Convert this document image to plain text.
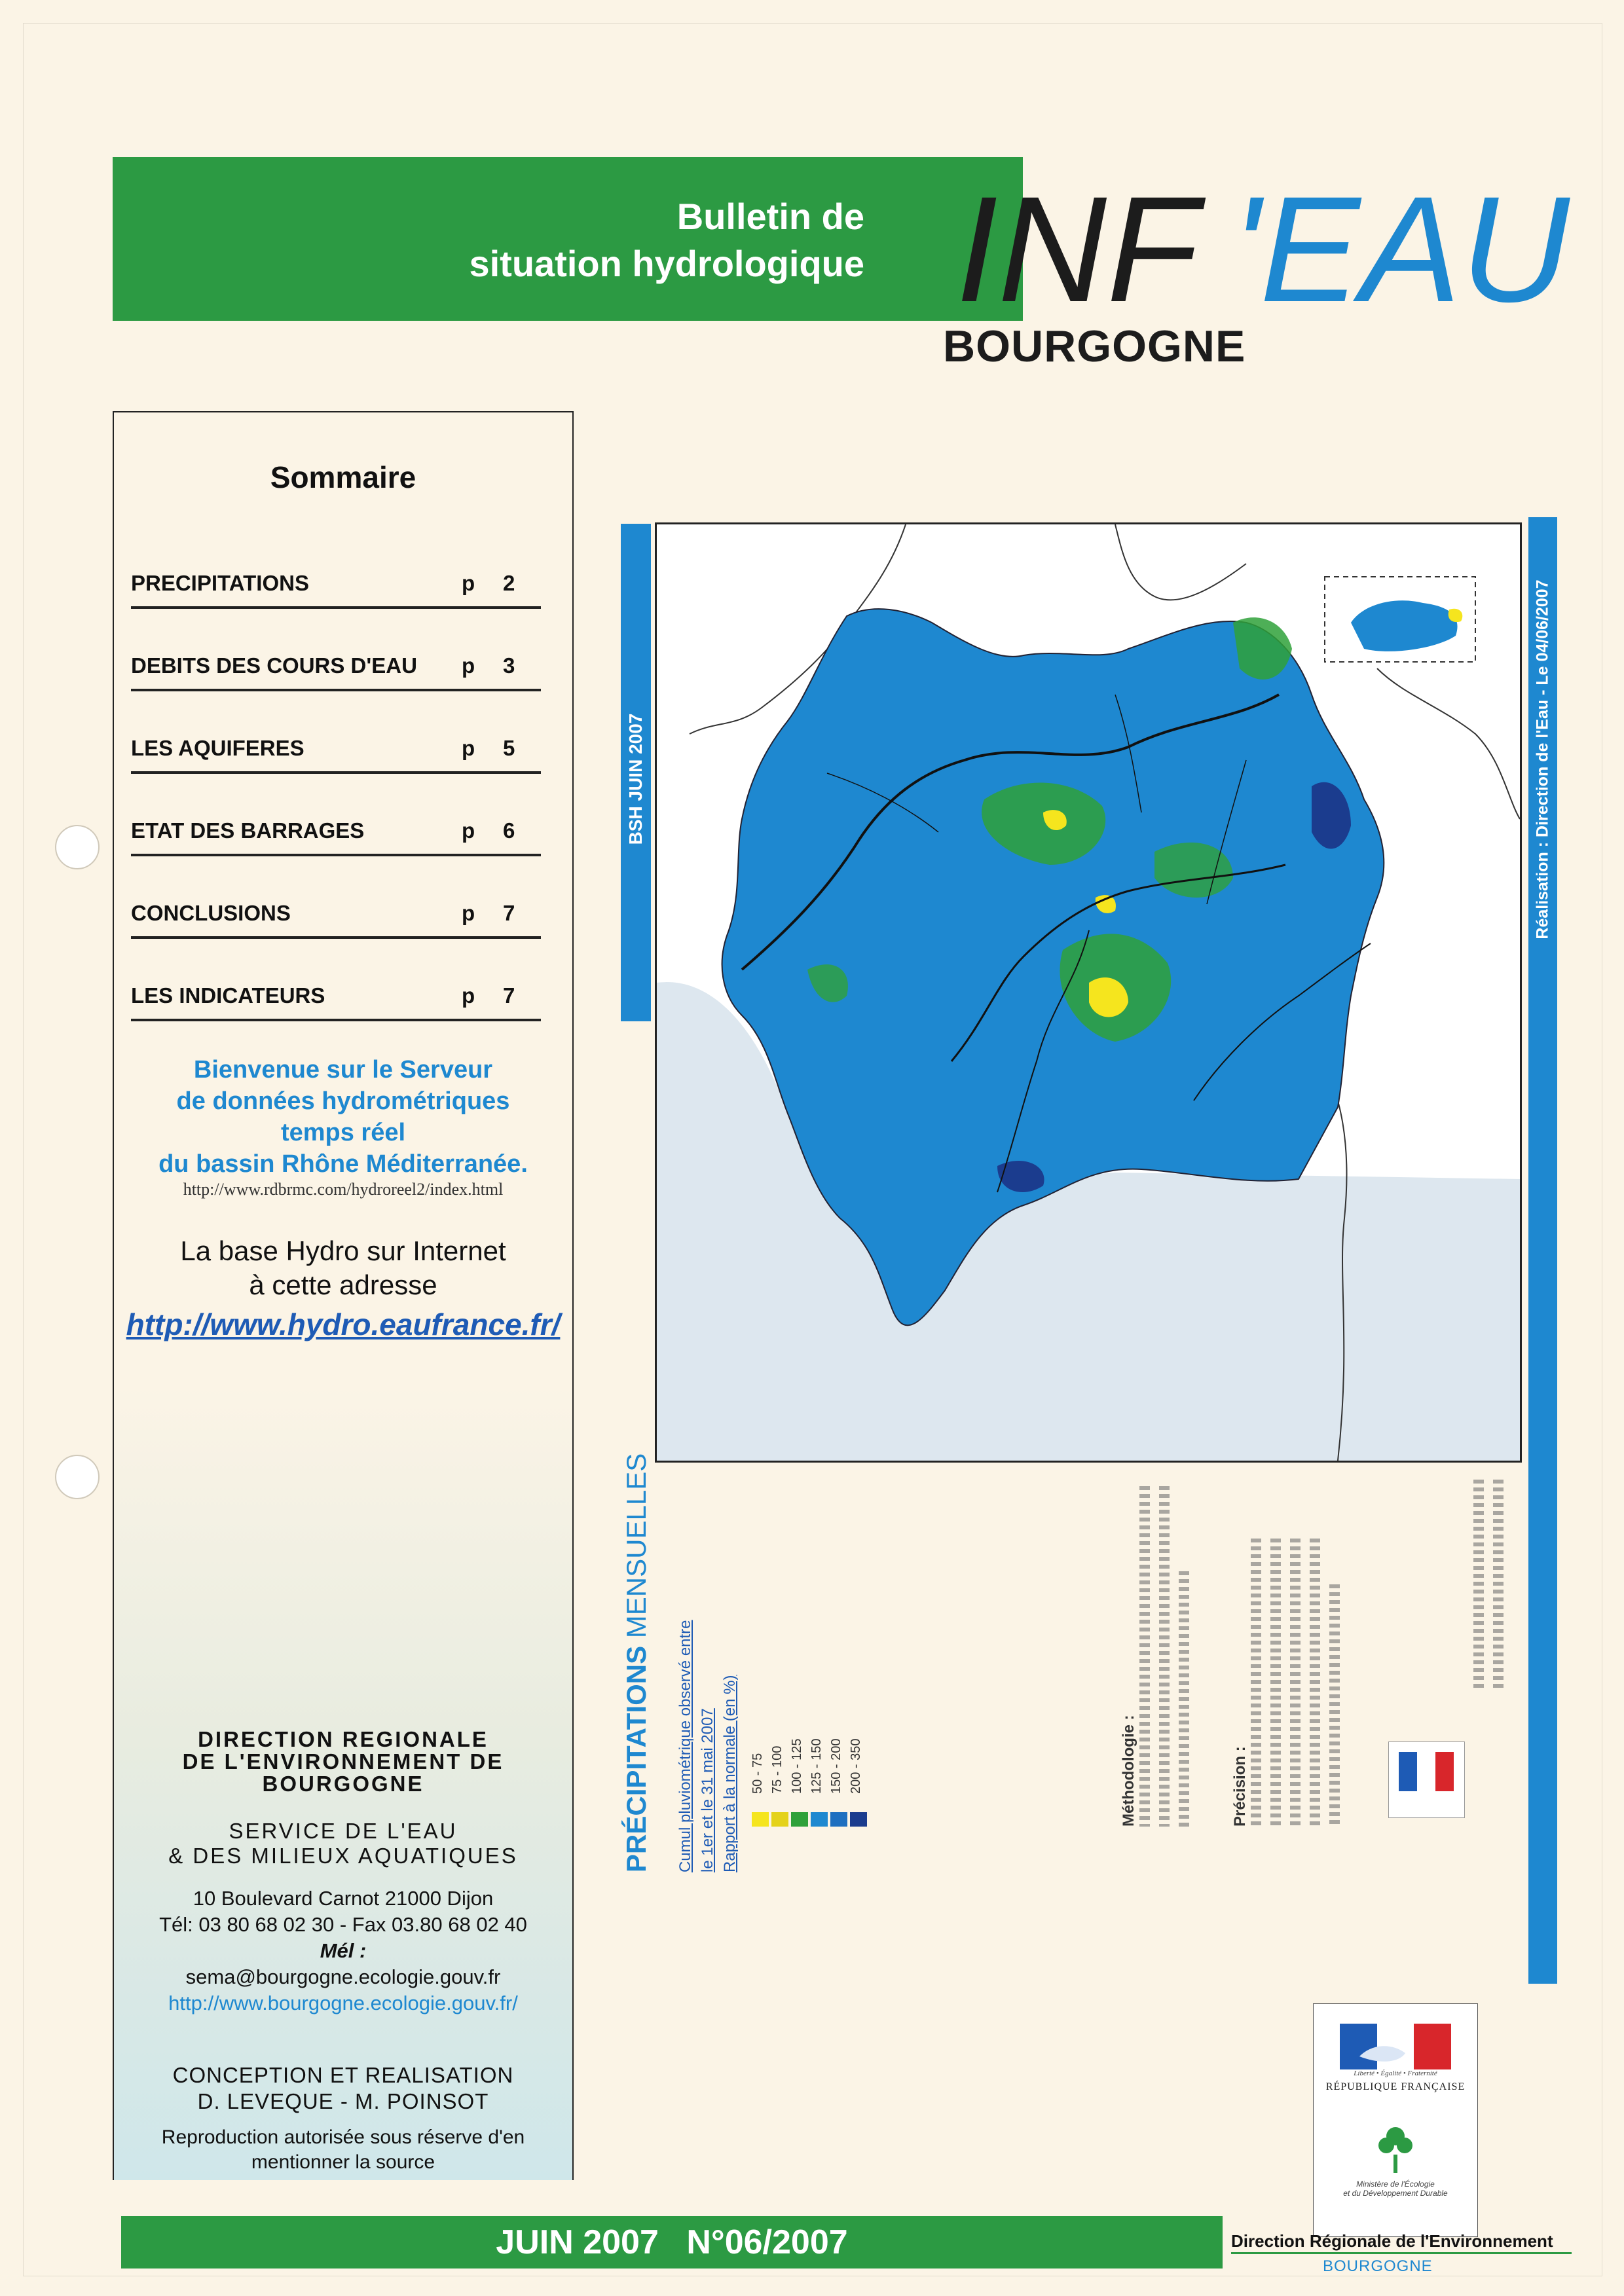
Bulletin de
situation hydrologique INF 'EAU
BOURGOGNE
Sommaire
PRECIPITATIONS	p 2
DEBITS DES COURS D'EAU p 3
LES AQUIFERES	p 5
ETAT DES BARRAGES	p 6
CONCLUSIONS	p 7
LES INDICATEURS	p 7
Bienvenue sur le Serveur
de données hydrométriques
temps réel
du bassin Rhône Méditerranée.
http://www.rdbrmc.com/hydroreel2/index.html
La base Hydro sur Internet
à cette adresse
http://www.hydro.eaufrance.fr/
DIRECTION REGIONALE
DE L'ENVIRONNEMENT DE
BOURGOGNE
SERVICE DE L'EAU
& DES MILIEUX AQUATIQUES
10 Boulevard Carnot 21000 Dijon
Tél: 03 80 68 02 30 - Fax 03.80 68 02 40
Mél :
sema@bourgogne.ecologie.gouv.fr
http://www.bourgogne.ecologie.gouv.fr/
CONCEPTION ET REALISATION
D. LEVEQUE - M. POINSOT
Reproduction autorisée sous réserve d'en
mentionner la source
BSH JUIN 2007	Réalisation : Direction de l'Eau - Le 04/06/2007
PRÉCIPITATIONS MENSUELLES
Cumul pluviométrique observé entre le 1er et le 31 mai 2007 Rapport à la normale (en %) 50 - 75 75 - 100 100 - 125 125 - 150 150 - 200 200 - 350	Méthodologie :	Précision :
Liberté • Égalité • Fraternité
RÉPUBLIQUE FRANÇAISE
Ministère de l'Écologie
et du Développement Durable
JUIN 2007 N°06/2007	Direction Régionale de l'Environnement
BOURGOGNE
